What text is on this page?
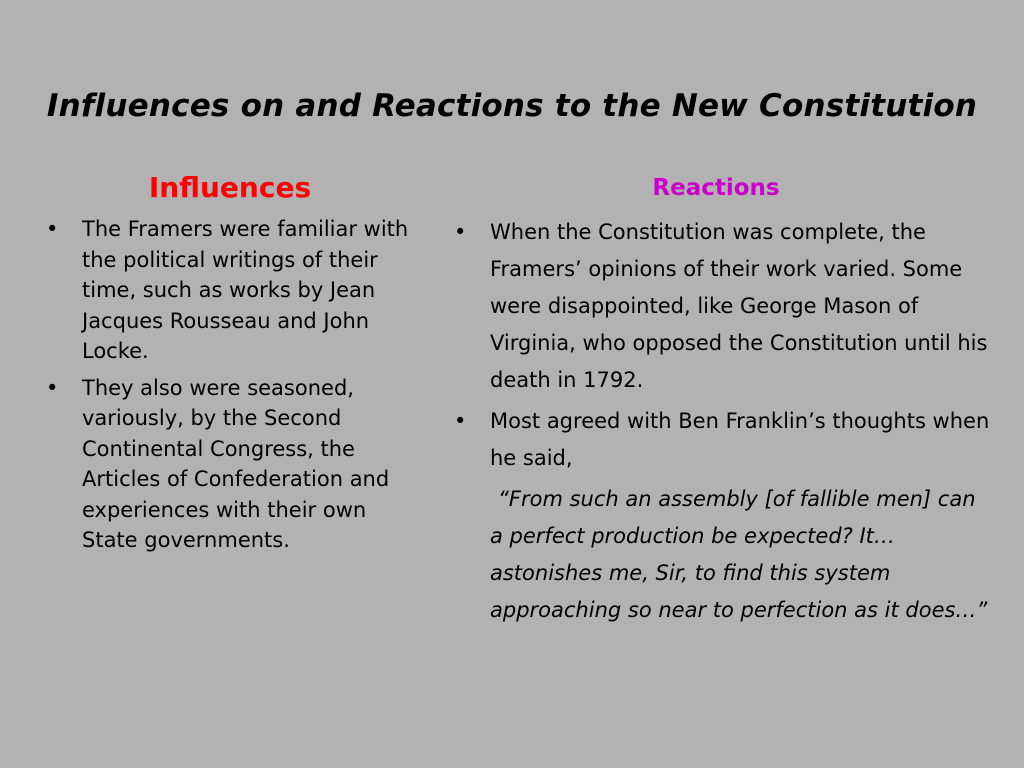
Influences on and Reactions to the New Constitution
Influences
• The Framers were familiar with the political writings of their time, such as works by Jean Jacques Rousseau and John Locke.
• They also were seasoned, variously, by the Second Continental Congress, the Articles of Confederation and experiences with their own State governments.
Reactions
• When the Constitution was complete, the Framers’ opinions of their work varied. Some were disappointed, like George Mason of Virginia, who opposed the Constitution until his death in 1792.
• Most agreed with Ben Franklin’s thoughts when he said,
“From such an assembly [of fallible men] can a perfect production be expected? It…astonishes me, Sir, to find this system approaching so near to perfection as it does…”
